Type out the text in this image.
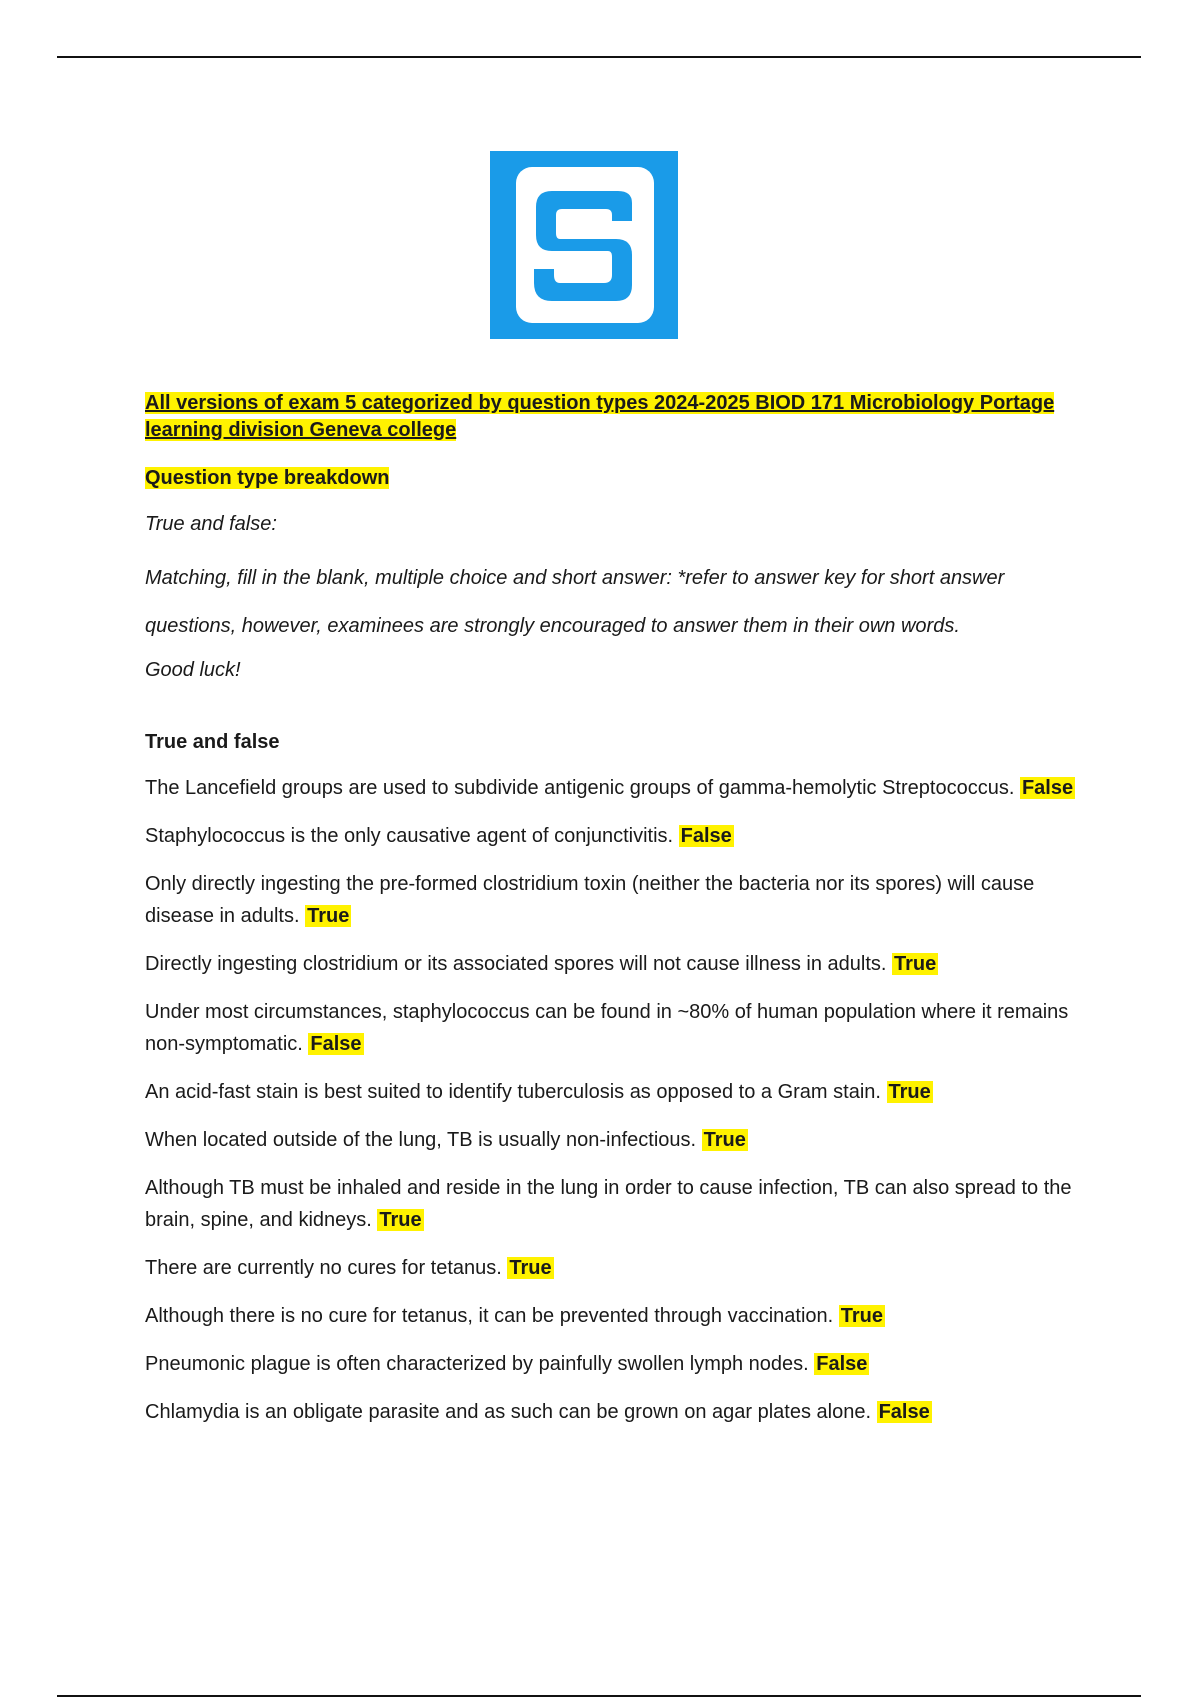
All versions of exam 5 categorized by question types 2024-2025 BIOD 171 Microbiology Portage learning division Geneva college
Question type breakdown
True and false:
Matching, fill in the blank, multiple choice and short answer: *refer to answer key for short answer questions, however, examinees are strongly encouraged to answer them in their own words.
Good luck!
True and false
The Lancefield groups are used to subdivide antigenic groups of gamma-hemolytic Streptococcus. False
Staphylococcus is the only causative agent of conjunctivitis. False
Only directly ingesting the pre-formed clostridium toxin (neither the bacteria nor its spores) will cause disease in adults. True
Directly ingesting clostridium or its associated spores will not cause illness in adults. True
Under most circumstances, staphylococcus can be found in ~80% of human population where it remains non-symptomatic. False
An acid-fast stain is best suited to identify tuberculosis as opposed to a Gram stain. True
When located outside of the lung, TB is usually non-infectious. True
Although TB must be inhaled and reside in the lung in order to cause infection, TB can also spread to the brain, spine, and kidneys. True
There are currently no cures for tetanus. True
Although there is no cure for tetanus, it can be prevented through vaccination. True
Pneumonic plague is often characterized by painfully swollen lymph nodes. False
Chlamydia is an obligate parasite and as such can be grown on agar plates alone. False
